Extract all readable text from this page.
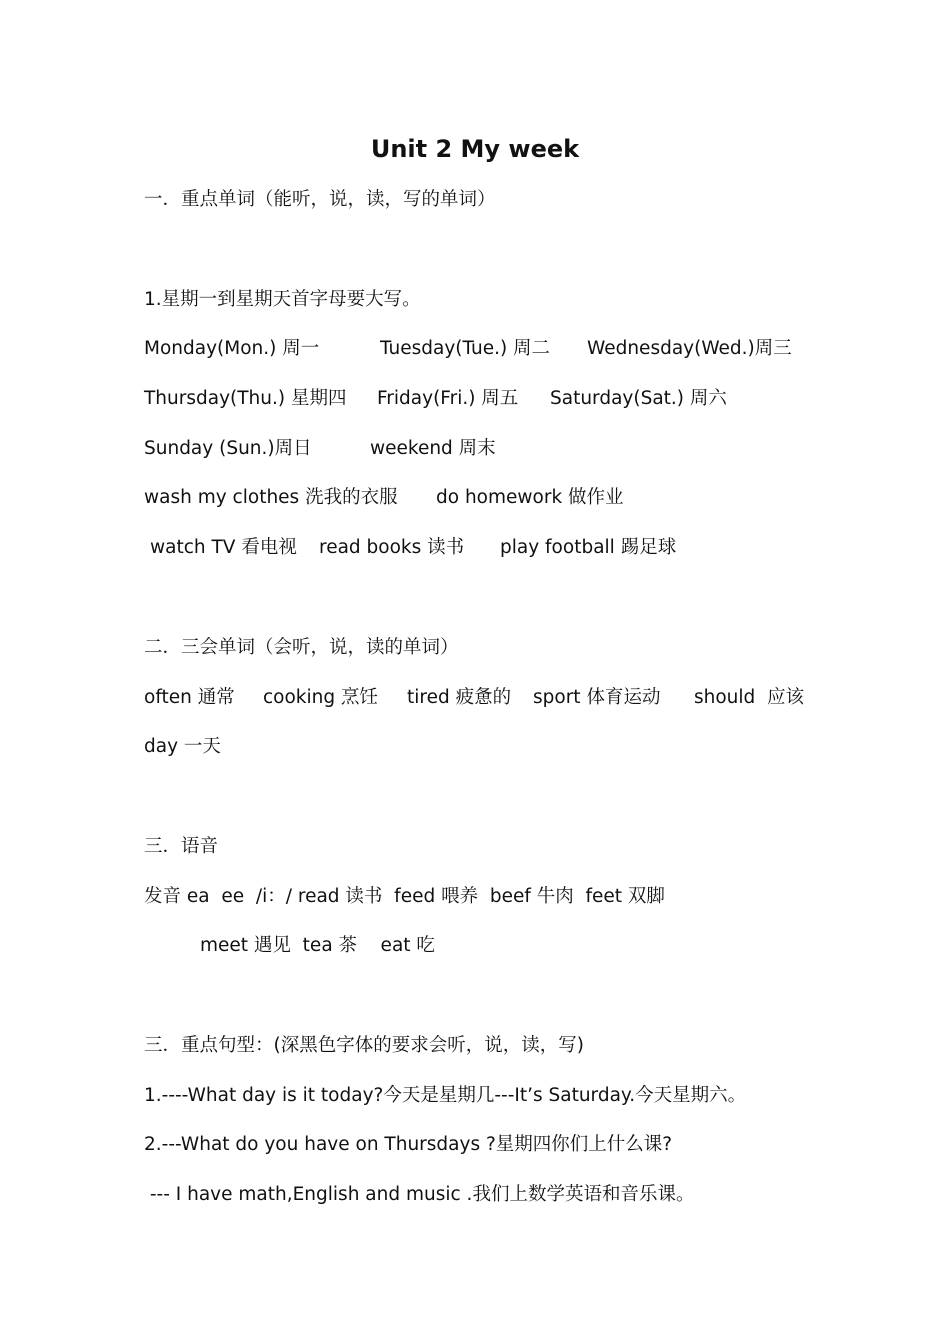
Unit 2 My week
一．重点单词（能听，说，读，写的单词）
1.星期一到星期天首字母要大写。

Monday(Mon.) 周一

	Tuesday(Tue.) 周二

Wednesday(Wed.)周三

Thursday(Thu.) 星期四

Friday(Fri.) 周五

Saturday(Sat.) 周六

Sunday (Sun.)周日

	weekend 周末

wash my clothes 洗我的衣服

do homework 做作业

watch TV 看电视

read books 读书

play football 踢足球

二．三会单词（会听，说，读的单词）

often 通常

cooking 烹饪

tired 疲惫的

sport 体育运动

should  应该

day 一天

三．语音
发音 ea  ee  /i：/ read 读书  feed 喂养  beef 牛肉  feet 双脚
meet 遇见  tea 茶    eat 吃
三．重点句型：(深黑色字体的要求会听，说，读，写)
1.----What day is it today?今天是星期几---It’s Saturday.今天星期六。
2.---What do you have on Thursdays ?星期四你们上什么课?
--- I have math,English and music .我们上数学英语和音乐课。
